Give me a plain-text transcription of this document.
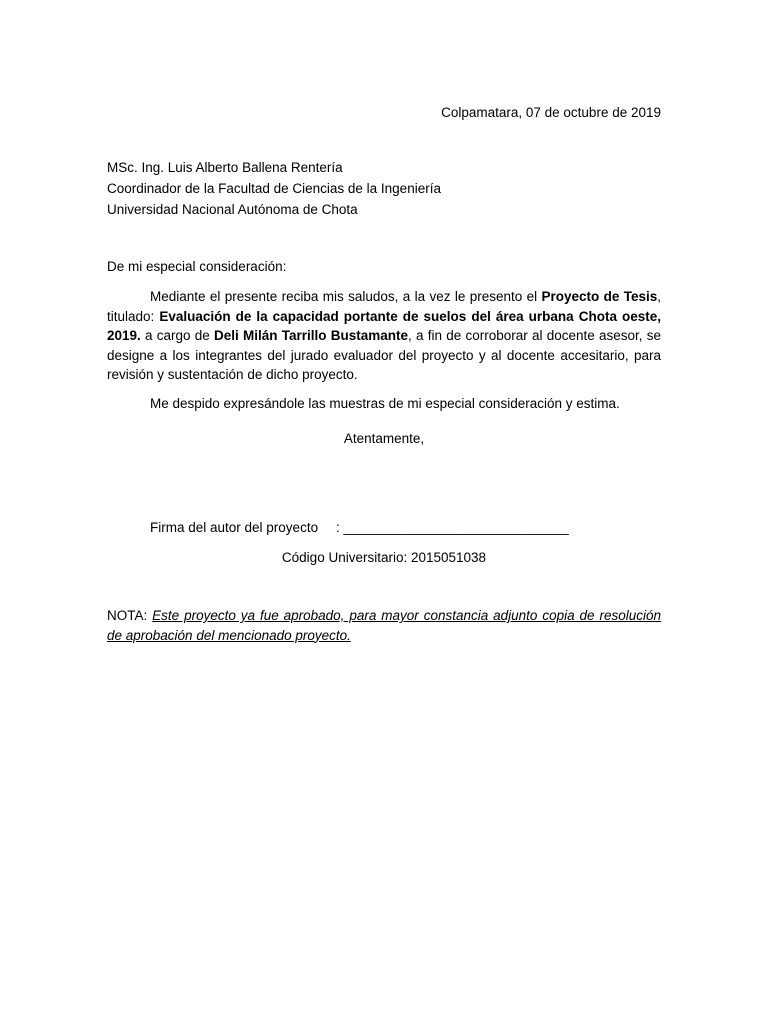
Colpamatara, 07 de octubre de 2019
MSc. Ing. Luis Alberto Ballena Rentería
Coordinador de la Facultad de Ciencias de la Ingeniería
Universidad Nacional Autónoma de Chota
De mi especial consideración:
Mediante el presente reciba mis saludos, a la vez le presento el Proyecto de Tesis, titulado: Evaluación de la capacidad portante de suelos del área urbana Chota oeste, 2019. a cargo de Deli Milán Tarrillo Bustamante, a fin de corroborar al docente asesor, se designe a los integrantes del jurado evaluador del proyecto y al docente accesitario, para revisión y sustentación de dicho proyecto.
Me despido expresándole las muestras de mi especial consideración y estima.
Atentamente,
Firma del autor del proyecto : ______________________________
Código Universitario: 2015051038
NOTA: Este proyecto ya fue aprobado, para mayor constancia adjunto copia de resolución de aprobación del mencionado proyecto.
